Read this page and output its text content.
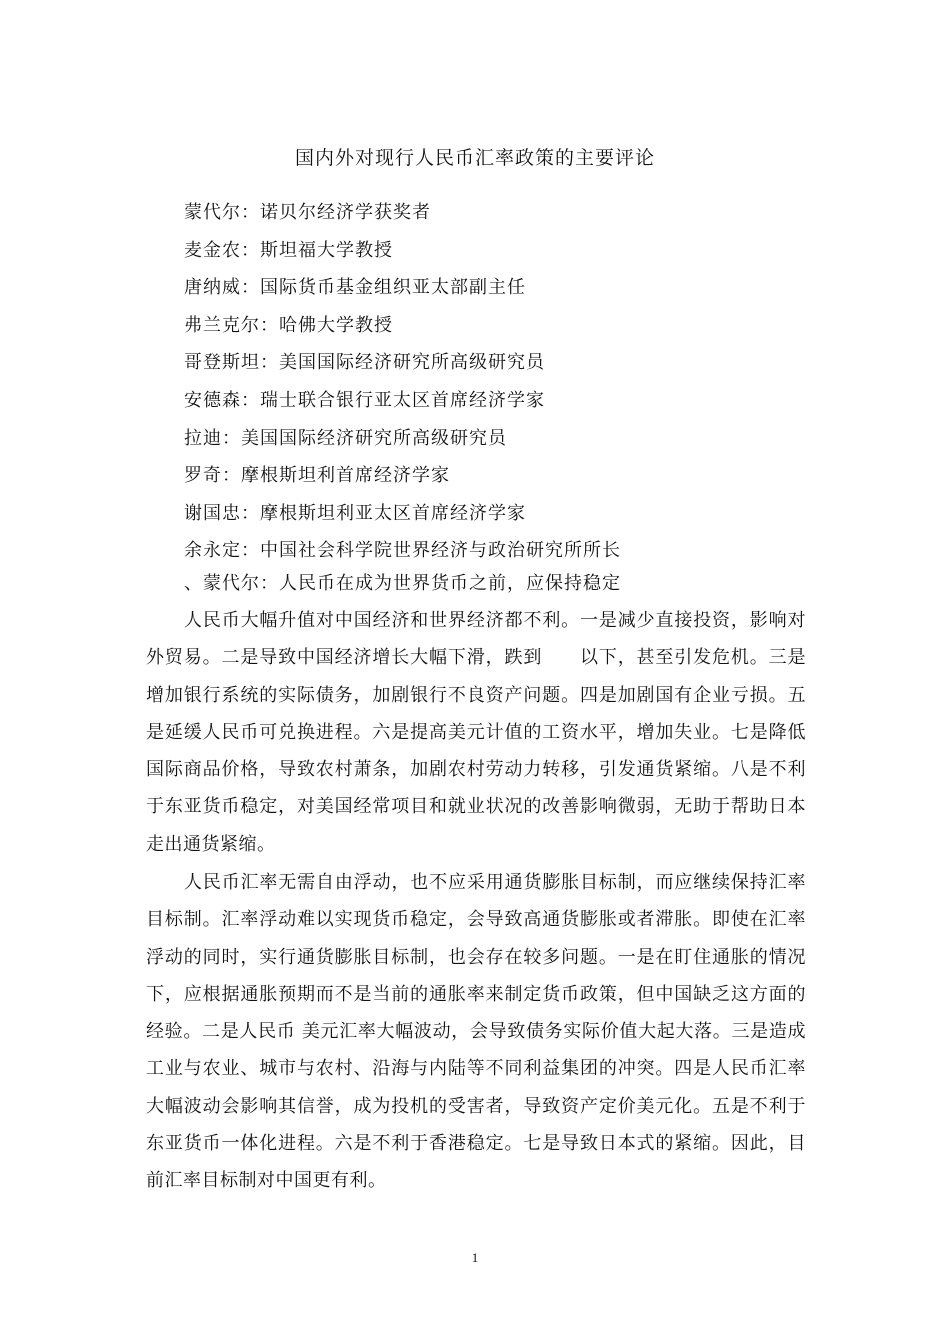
国内外对现行人民币汇率政策的主要评论
蒙代尔：诺贝尔经济学获奖者
麦金农：斯坦福大学教授
唐纳威：国际货币基金组织亚太部副主任
弗兰克尔：哈佛大学教授
哥登斯坦：美国国际经济研究所高级研究员
安德森：瑞士联合银行亚太区首席经济学家
拉迪：美国国际经济研究所高级研究员
罗奇：摩根斯坦利首席经济学家
谢国忠：摩根斯坦利亚太区首席经济学家
余永定：中国社会科学院世界经济与政治研究所所长
、蒙代尔：人民币在成为世界货币之前，应保持稳定

人民币大幅升值对中国经济和世界经济都不利。一是减少直接投资，影响对外贸易。二是导致中国经济增长大幅下滑，跌到　　以下，甚至引发危机。三是增加银行系统的实际债务，加剧银行不良资产问题。四是加剧国有企业亏损。五是延缓人民币可兑换进程。六是提高美元计值的工资水平，增加失业。七是降低国际商品价格，导致农村萧条，加剧农村劳动力转移，引发通货紧缩。八是不利于东亚货币稳定，对美国经常项目和就业状况的改善影响微弱，无助于帮助日本走出通货紧缩。

人民币汇率无需自由浮动，也不应采用通货膨胀目标制，而应继续保持汇率目标制。汇率浮动难以实现货币稳定，会导致高通货膨胀或者滞胀。即使在汇率浮动的同时，实行通货膨胀目标制，也会存在较多问题。一是在盯住通胀的情况下，应根据通胀预期而不是当前的通胀率来制定货币政策，但中国缺乏这方面的经验。二是人民币 美元汇率大幅波动，会导致债务实际价值大起大落。三是造成工业与农业、城市与农村、沿海与内陆等不同利益集团的冲突。四是人民币汇率大幅波动会影响其信誉，成为投机的受害者，导致资产定价美元化。五是不利于东亚货币一体化进程。六是不利于香港稳定。七是导致日本式的紧缩。因此，目前汇率目标制对中国更有利。

1
